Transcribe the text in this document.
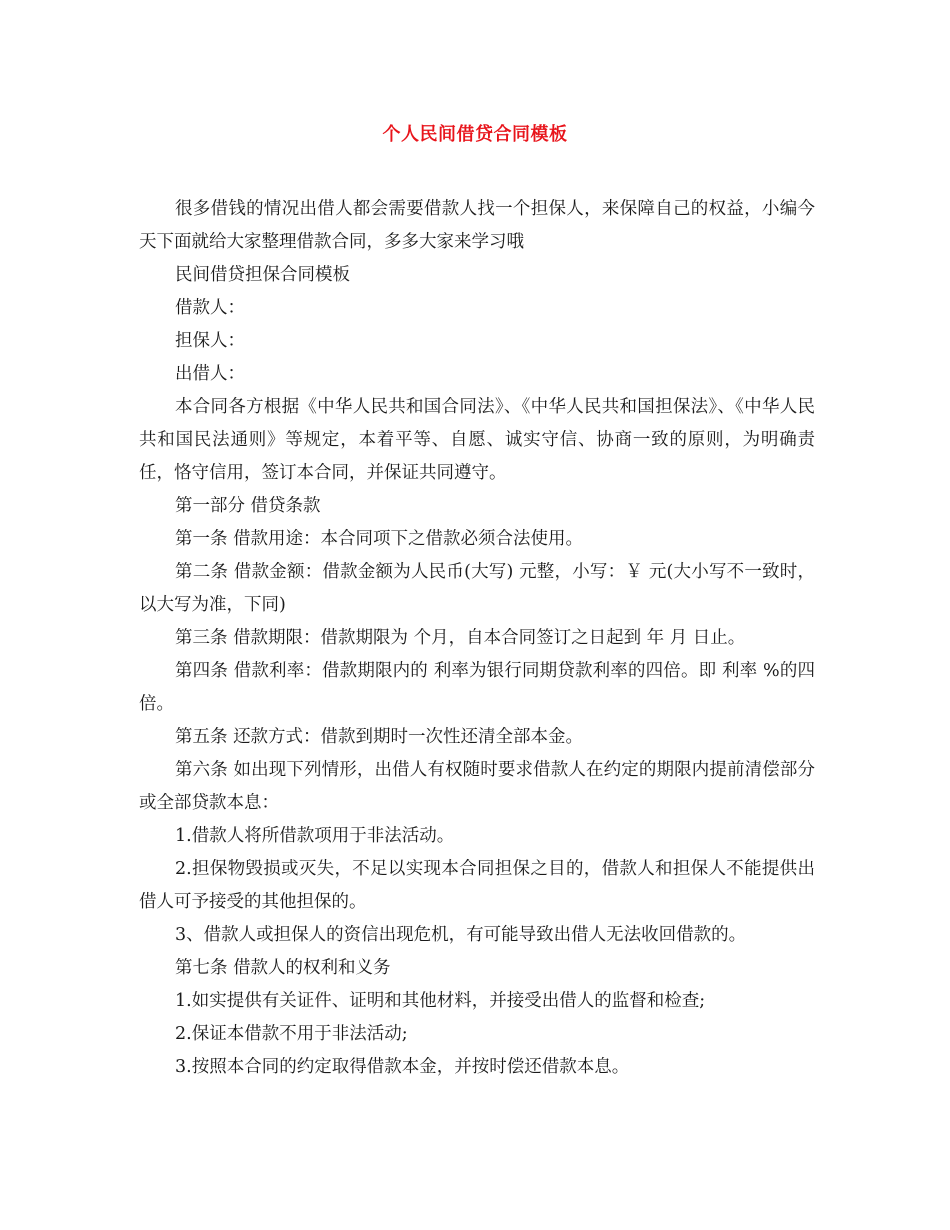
个人民间借贷合同模板

很多借钱的情况出借人都会需要借款人找一个担保人，来保障自己的权益，小编今天下面就给大家整理借款合同，多多大家来学习哦

民间借贷担保合同模板

借款人：

担保人：

出借人：

本合同各方根据《中华人民共和国合同法》、《中华人民共和国担保法》、《中华人民共和国民法通则》等规定，本着平等、自愿、诚实守信、协商一致的原则，为明确责任，恪守信用，签订本合同，并保证共同遵守。

第一部分 借贷条款

第一条 借款用途：本合同项下之借款必须合法使用。

第二条 借款金额：借款金额为人民币(大写) 元整，小写：￥ 元(大小写不一致时，以大写为准，下同)

第三条 借款期限：借款期限为 个月，自本合同签订之日起到 年 月 日止。

第四条 借款利率：借款期限内的 利率为银行同期贷款利率的四倍。即 利率 %的四倍。

第五条 还款方式：借款到期时一次性还清全部本金。

第六条 如出现下列情形，出借人有权随时要求借款人在约定的期限内提前清偿部分或全部贷款本息：

1.借款人将所借款项用于非法活动。

2.担保物毁损或灭失，不足以实现本合同担保之目的，借款人和担保人不能提供出借人可予接受的其他担保的。

3、借款人或担保人的资信出现危机，有可能导致出借人无法收回借款的。

第七条 借款人的权利和义务

1.如实提供有关证件、证明和其他材料，并接受出借人的监督和检查;

2.保证本借款不用于非法活动;

3.按照本合同的约定取得借款本金，并按时偿还借款本息。
